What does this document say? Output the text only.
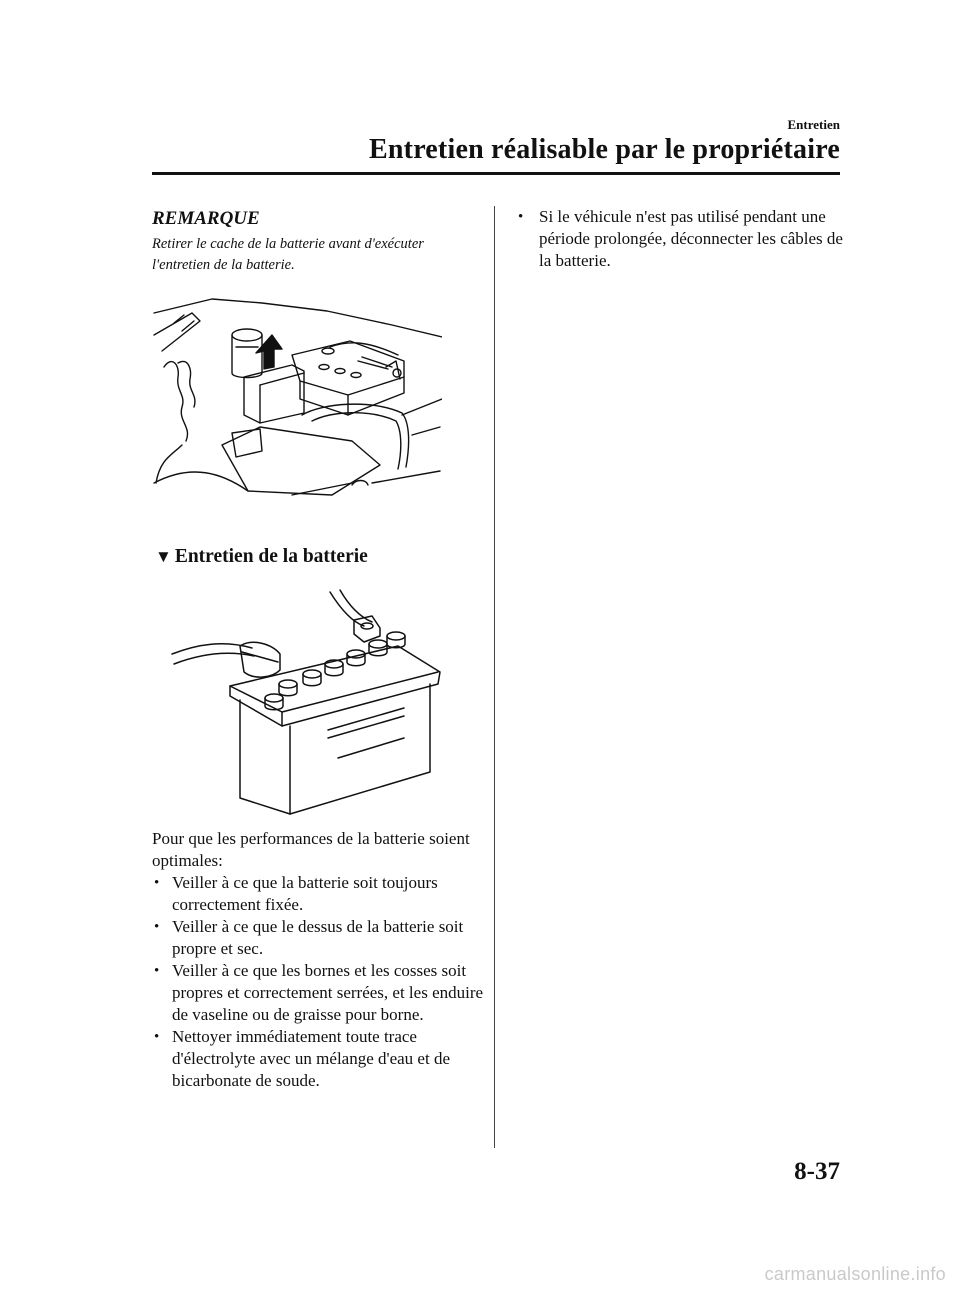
Entretien
Entretien réalisable par le propriétaire
REMARQUE

Retirer le cache de la batterie avant d'exécuter l'entretien de la batterie.

▼ Entretien de la batterie

Pour que les performances de la batterie soient optimales:

• Veiller à ce que la batterie soit toujours correctement fixée.
• Veiller à ce que le dessus de la batterie soit propre et sec.
• Veiller à ce que les bornes et les cosses soit propres et correctement serrées, et les enduire de vaseline ou de graisse pour borne.
• Nettoyer immédiatement toute trace d'électrolyte avec un mélange d'eau et de bicarbonate de soude.
• Si le véhicule n'est pas utilisé pendant une période prolongée, déconnecter les câbles de la batterie.
8-37
carmanualsonline.info
